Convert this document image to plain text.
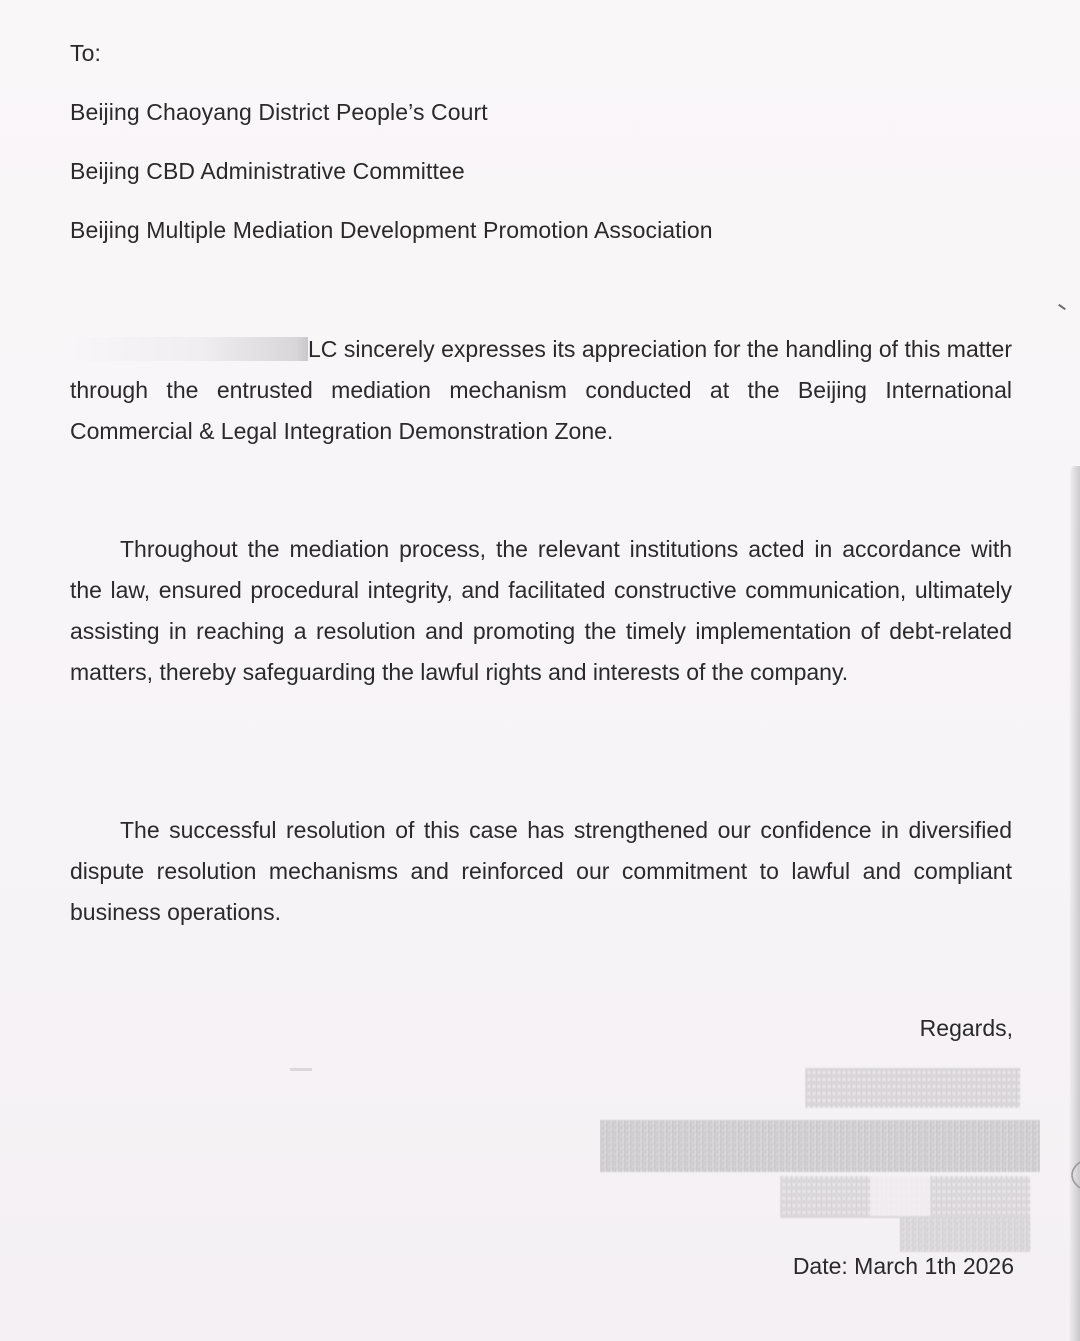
To:
Beijing Chaoyang District People’s Court
Beijing CBD Administrative Committee
Beijing Multiple Mediation Development Promotion Association
LC sincerely expresses its appreciation for the handling of this matter through the entrusted mediation mechanism conducted at the Beijing International Commercial & Legal Integration Demonstration Zone.
Throughout the mediation process, the relevant institutions acted in accordance with the law, ensured procedural integrity, and facilitated constructive communication, ultimately assisting in reaching a resolution and promoting the timely implementation of debt-related matters, thereby safeguarding the lawful rights and interests of the company.
The successful resolution of this case has strengthened our confidence in diversified dispute resolution mechanisms and reinforced our commitment to lawful and compliant business operations.
Regards,
Date: March 1th 2026
